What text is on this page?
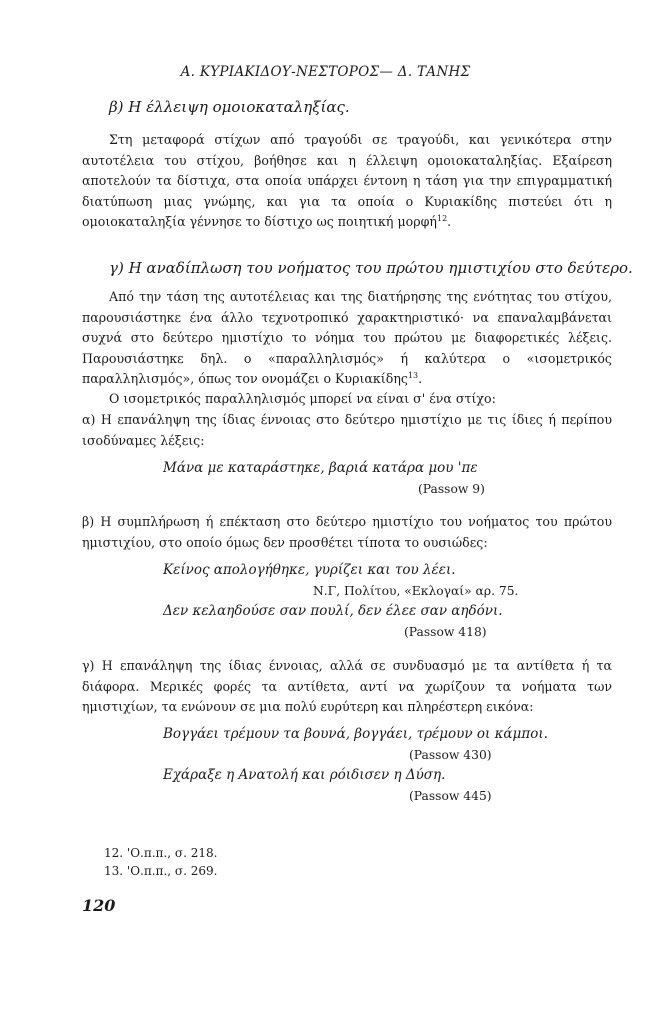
Α. ΚΥΡΙΑΚΙΔΟΥ-ΝΕΣΤΟΡΟΣ— Δ. ΤΑΝΗΣ

β) Η έλλειψη ομοιοκαταληξίας.

Στη μεταφορά στίχων από τραγούδι σε τραγούδι, και γενικότερα στην αυτοτέλεια του στίχου, βοήθησε και η έλλειψη ομοιοκαταληξίας. Εξαίρεση αποτελούν τα δίστιχα, στα οποία υπάρχει έντονη η τάση για την επιγραμματική διατύπωση μιας γνώμης, και για τα οποία ο Κυριακίδης πιστεύει ότι η ομοιοκαταληξία γέννησε το δίστιχο ως ποιητική μορφή$^{12}$.

γ) Η αναδίπλωση του νοήματος του πρώτου ημιστιχίου στο δεύτερο.

Από την τάση της αυτοτέλειας και της διατήρησης της ενότητας του στίχου, παρουσιάστηκε ένα άλλο τεχνοτροπικό χαρακτηριστικό· να επαναλαμβάνεται συχνά στο δεύτερο ημιστίχιο το νόημα του πρώτου με διαφορετικές λέξεις. Παρουσιάστηκε δηλ. ο «παραλληλισμός» ή καλύτερα ο «ισομετρικός παραλληλισμός», όπως τον ονομάζει ο Κυριακίδης$^{13}$.

Ο ισομετρικός παραλληλισμός μπορεί να είναι σ' ένα στίχο:

α) Η επανάληψη της ίδιας έννοιας στο δεύτερο ημιστίχιο με τις ίδιες ή περίπου ισοδύναμες λέξεις:

Μάνα με καταράστηκε, βαριά κατάρα μου 'πε

(Passow 9)

β) Η συμπλήρωση ή επέκταση στο δεύτερο ημιστίχιο του νοήματος του πρώτου ημιστιχίου, στο οποίο όμως δεν προσθέτει τίποτα το ουσιώδες:

Κείνος απολογήθηκε, γυρίζει και του λέει.

Ν.Γ, Πολίτου, «Εκλογαί» αρ. 75.

Δεν κελαηδούσε σαν πουλί, δεν έλεε σαν αηδόνι.

(Passow 418)

γ) Η επανάληψη της ίδιας έννοιας, αλλά σε συνδυασμό με τα αντίθετα ή τα διάφορα. Μερικές φορές τα αντίθετα, αντί να χωρίζουν τα νοήματα των ημιστιχίων, τα ενώνουν σε μια πολύ ευρύτερη και πληρέστερη εικόνα:

Βογγάει τρέμουν τα βουνά, βογγάει, τρέμουν οι κάμποι.

(Passow 430)

Εχάραξε η Ανατολή και ρόιδισεν η Δύση.

(Passow 445)

12. 'Ο.π.π., σ. 218.

13. 'Ο.π.π., σ. 269.

120
